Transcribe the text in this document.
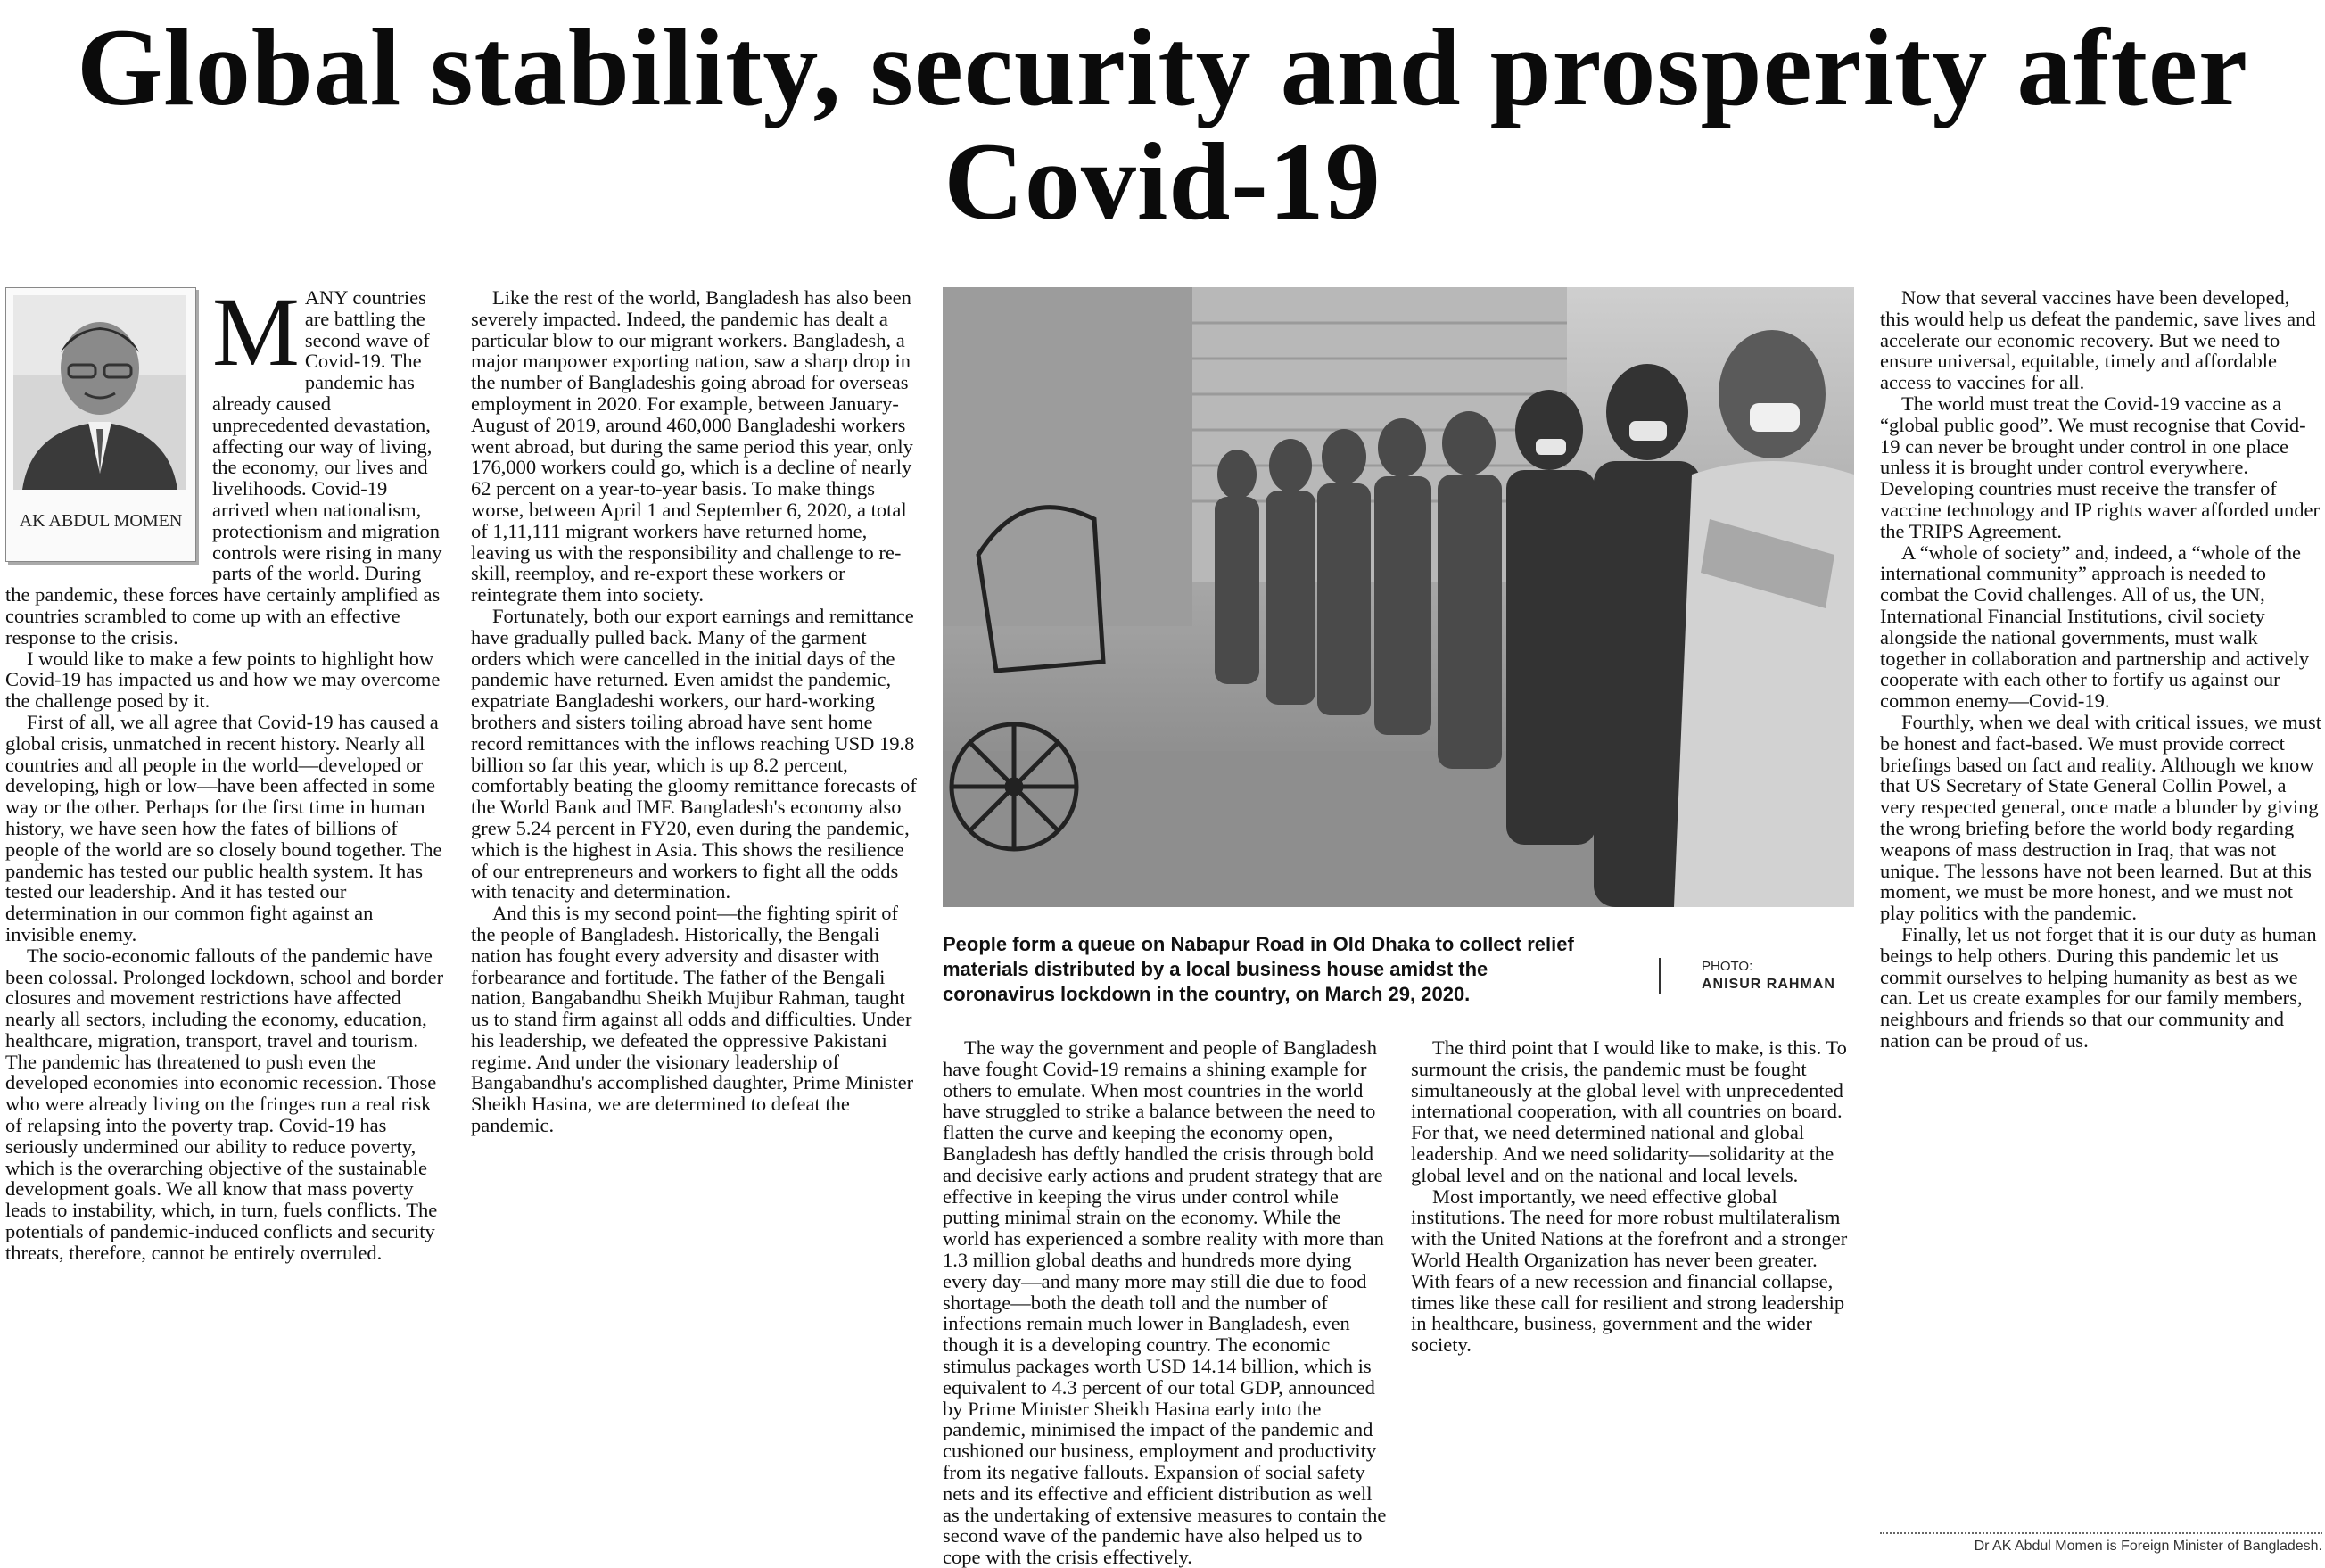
Global stability, security and prosperity after Covid-19
AK ABDUL MOMEN

MANY countries are battling the second wave of Covid-19. The pandemic has already caused unprecedented devastation, affecting our way of living, the economy, our lives and livelihoods. Covid-19 arrived when nationalism, protectionism and migration controls were rising in many parts of the world. During the pandemic, these forces have certainly amplified as countries scrambled to come up with an effective response to the crisis.

I would like to make a few points to highlight how Covid-19 has impacted us and how we may overcome the challenge posed by it.

First of all, we all agree that Covid-19 has caused a global crisis, unmatched in recent history. Nearly all countries and all people in the world—developed or developing, high or low—have been affected in some way or the other. Perhaps for the first time in human history, we have seen how the fates of billions of people of the world are so closely bound together. The pandemic has tested our public health system. It has tested our leadership. And it has tested our determination in our common fight against an invisible enemy.

The socio-economic fallouts of the pandemic have been colossal. Prolonged lockdown, school and border closures and movement restrictions have affected nearly all sectors, including the economy, education, healthcare, migration, transport, travel and tourism. The pandemic has threatened to push even the developed economies into economic recession. Those who were already living on the fringes run a real risk of relapsing into the poverty trap. Covid-19 has seriously undermined our ability to reduce poverty, which is the overarching objective of the sustainable development goals. We all know that mass poverty leads to instability, which, in turn, fuels conflicts. The potentials of pandemic-induced conflicts and security threats, therefore, cannot be entirely overruled.

Like the rest of the world, Bangladesh has also been severely impacted. Indeed, the pandemic has dealt a particular blow to our migrant workers. Bangladesh, a major manpower exporting nation, saw a sharp drop in the number of Bangladeshis going abroad for overseas employment in 2020. For example, between January-August of 2019, around 460,000 Bangladeshi workers went abroad, but during the same period this year, only 176,000 workers could go, which is a decline of nearly 62 percent on a year-to-year basis. To make things worse, between April 1 and September 6, 2020, a total of 1,11,111 migrant workers have returned home, leaving us with the responsibility and challenge to re-skill, reemploy, and re-export these workers or reintegrate them into society.

Fortunately, both our export earnings and remittance have gradually pulled back. Many of the garment orders which were cancelled in the initial days of the pandemic have returned. Even amidst the pandemic, expatriate Bangladeshi workers, our hard-working brothers and sisters toiling abroad have sent home record remittances with the inflows reaching USD 19.8 billion so far this year, which is up 8.2 percent, comfortably beating the gloomy remittance forecasts of the World Bank and IMF. Bangladesh's economy also grew 5.24 percent in FY20, even during the pandemic, which is the highest in Asia. This shows the resilience of our entrepreneurs and workers to fight all the odds with tenacity and determination.

And this is my second point—the fighting spirit of the people of Bangladesh. Historically, the Bengali nation has fought every adversity and disaster with forbearance and fortitude. The father of the Bengali nation, Bangabandhu Sheikh Mujibur Rahman, taught us to stand firm against all odds and difficulties. Under his leadership, we defeated the oppressive Pakistani regime. And under the visionary leadership of Bangabandhu's accomplished daughter, Prime Minister Sheikh Hasina, we are determined to defeat the pandemic.

People form a queue on Nabapur Road in Old Dhaka to collect relief materials distributed by a local business house amidst the coronavirus lockdown in the country, on March 29, 2020.
PHOTO:
ANISUR RAHMAN

The way the government and people of Bangladesh have fought Covid-19 remains a shining example for others to emulate. When most countries in the world have struggled to strike a balance between the need to flatten the curve and keeping the economy open, Bangladesh has deftly handled the crisis through bold and decisive early actions and prudent strategy that are effective in keeping the virus under control while putting minimal strain on the economy. While the world has experienced a sombre reality with more than 1.3 million global deaths and hundreds more dying every day—and many more may still die due to food shortage—both the death toll and the number of infections remain much lower in Bangladesh, even though it is a developing country. The economic stimulus packages worth USD 14.14 billion, which is equivalent to 4.3 percent of our total GDP, announced by Prime Minister Sheikh Hasina early into the pandemic, minimised the impact of the pandemic and cushioned our business, employment and productivity from its negative fallouts. Expansion of social safety nets and its effective and efficient distribution as well as the undertaking of extensive measures to contain the second wave of the pandemic have also helped us to cope with the crisis effectively.

The third point that I would like to make, is this. To surmount the crisis, the pandemic must be fought simultaneously at the global level with unprecedented international cooperation, with all countries on board. For that, we need determined national and global leadership. And we need solidarity—solidarity at the global level and on the national and local levels.

Most importantly, we need effective global institutions. The need for more robust multilateralism with the United Nations at the forefront and a stronger World Health Organization has never been greater. With fears of a new recession and financial collapse, times like these call for resilient and strong leadership in healthcare, business, government and the wider society.

Now that several vaccines have been developed, this would help us defeat the pandemic, save lives and accelerate our economic recovery. But we need to ensure universal, equitable, timely and affordable access to vaccines for all.

The world must treat the Covid-19 vaccine as a “global public good”. We must recognise that Covid-19 can never be brought under control in one place unless it is brought under control everywhere. Developing countries must receive the transfer of vaccine technology and IP rights waver afforded under the TRIPS Agreement.

A “whole of society” and, indeed, a “whole of the international community” approach is needed to combat the Covid challenges. All of us, the UN, International Financial Institutions, civil society alongside the national governments, must walk together in collaboration and partnership and actively cooperate with each other to fortify us against our common enemy—Covid-19.

Fourthly, when we deal with critical issues, we must be honest and fact-based. We must provide correct briefings based on fact and reality. Although we know that US Secretary of State General Collin Powel, a very respected general, once made a blunder by giving the wrong briefing before the world body regarding weapons of mass destruction in Iraq, that was not unique. The lessons have not been learned. But at this moment, we must be more honest, and we must not play politics with the pandemic.

Finally, let us not forget that it is our duty as human beings to help others. During this pandemic let us commit ourselves to helping humanity as best as we can. Let us create examples for our family members, neighbours and friends so that our community and nation can be proud of us.

Dr AK Abdul Momen is Foreign Minister of Bangladesh.
